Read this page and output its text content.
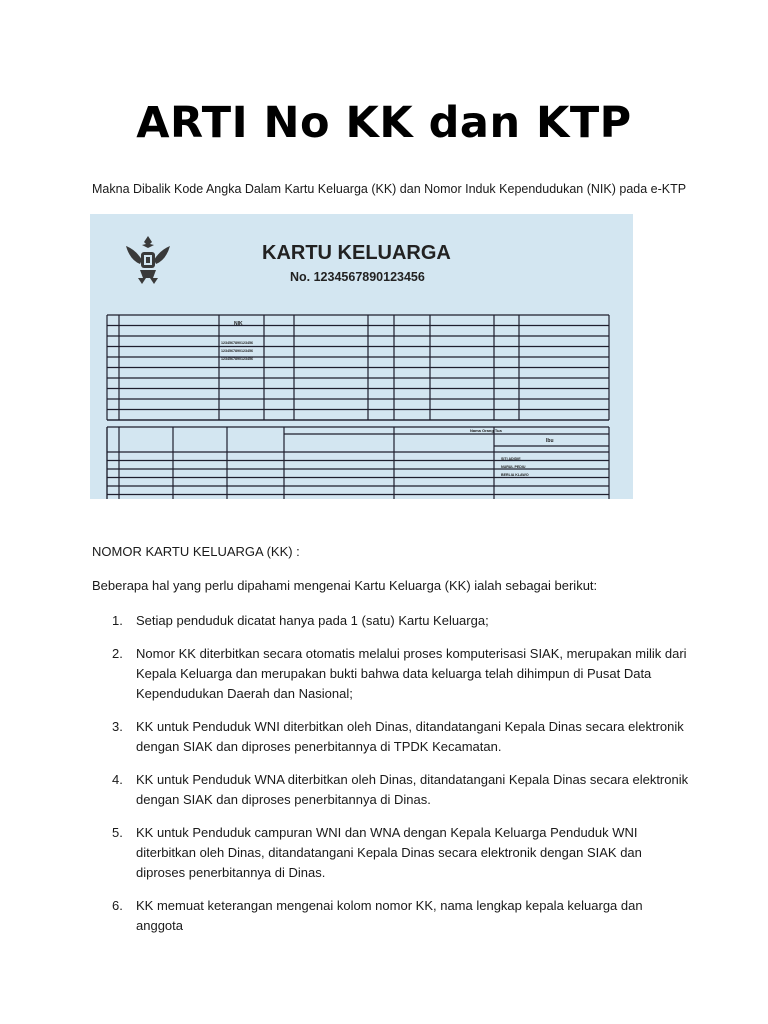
ARTI No KK dan KTP
Makna Dibalik Kode Angka Dalam Kartu Keluarga (KK) dan Nomor Induk Kependudukan (NIK) pada e-KTP
KARTU KELUARGA
No. 1234567890123456
NIK
1234567890123456
1234567890123456
1234567890123456
Nama Orang Tua
Ibu
SITI ADIDIE
NURUL PEDIU
BERLIA KLAWO
NOMOR KARTU KELUARGA (KK) :
Beberapa hal yang perlu dipahami mengenai Kartu Keluarga (KK) ialah sebagai berikut:
1. Setiap penduduk dicatat hanya pada 1 (satu) Kartu Keluarga;
2. Nomor KK diterbitkan secara otomatis melalui proses komputerisasi SIAK, merupakan milik dari Kepala Keluarga dan merupakan bukti bahwa data keluarga telah dihimpun di Pusat Data Kependudukan Daerah dan Nasional;
3. KK untuk Penduduk WNI diterbitkan oleh Dinas, ditandatangani Kepala Dinas secara elektronik dengan SIAK dan diproses penerbitannya di TPDK Kecamatan.
4. KK untuk Penduduk WNA diterbitkan oleh Dinas, ditandatangani Kepala Dinas secara elektronik dengan SIAK dan diproses penerbitannya di Dinas.
5. KK untuk Penduduk campuran WNI dan WNA dengan Kepala Keluarga Penduduk WNI diterbitkan oleh Dinas, ditandatangani Kepala Dinas secara elektronik dengan SIAK dan diproses penerbitannya di Dinas.
6. KK memuat keterangan mengenai kolom nomor KK, nama lengkap kepala keluarga dan anggota
